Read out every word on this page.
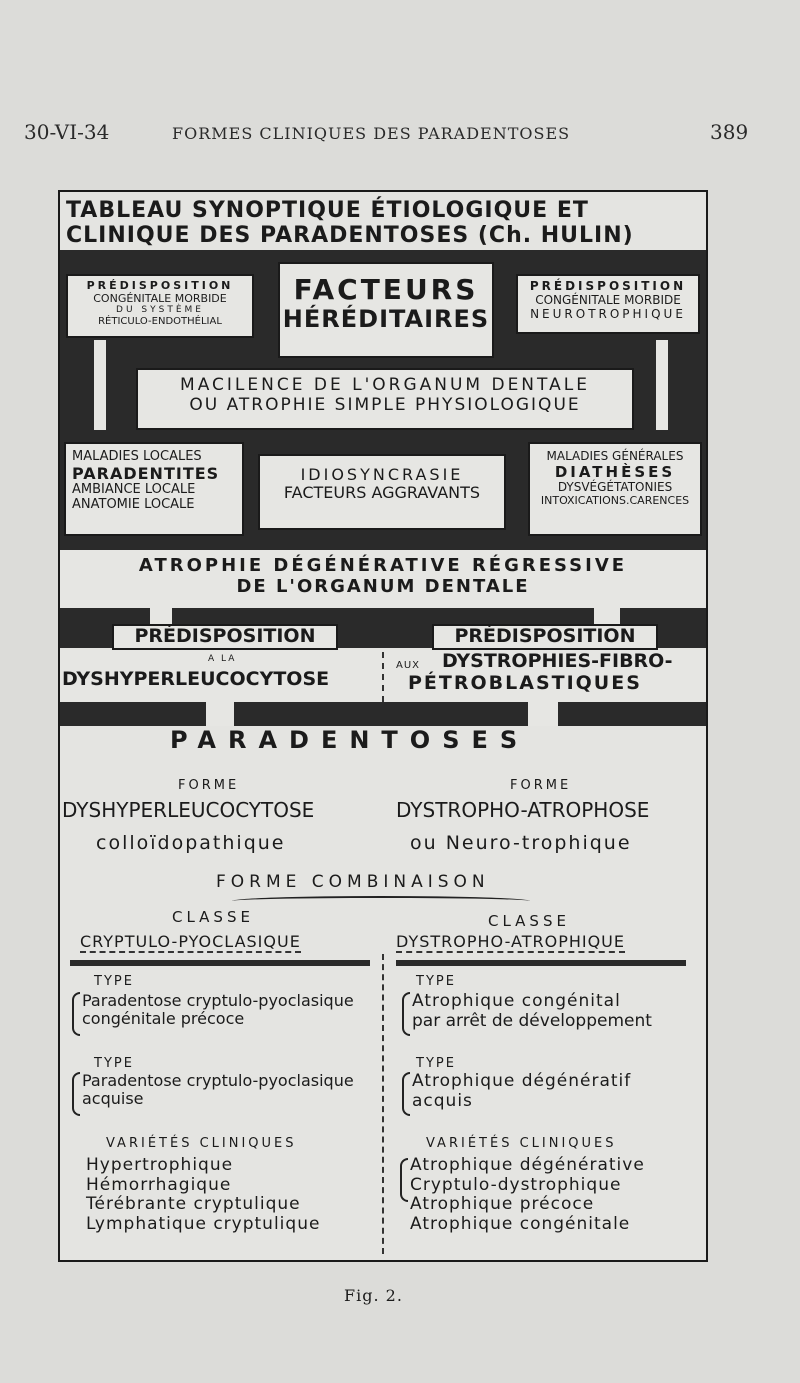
30-VI-34	FORMES CLINIQUES DES PARADENTOSES	389
TABLEAU SYNOPTIQUE ÉTIOLOGIQUE ET
CLINIQUE DES PARADENTOSES (Ch. HULIN)
PRÉDISPOSITION
CONGÉNITALE MORBIDE
DU SYSTÈME
RÉTICULO-ENDOTHÉLIAL
FACTEURS
HÉRÉDITAIRES
PRÉDISPOSITION
CONGÉNITALE MORBIDE
NEUROTROPHIQUE
MACILENCE DE L'ORGANUM DENTALE
OU ATROPHIE SIMPLE PHYSIOLOGIQUE
MALADIES LOCALES
PARADENTITES
AMBIANCE LOCALE
ANATOMIE LOCALE
IDIOSYNCRASIE
FACTEURS AGGRAVANTS
MALADIES GÉNÉRALES
DIATHÈSES
DYSVÉGÉTATONIES
INTOXICATIONS.CARENCES
ATROPHIE DÉGÉNÉRATIVE RÉGRESSIVE
DE L'ORGANUM DENTALE
PRÉDISPOSITION	PRÉDISPOSITION
A LA
DYSHYPERLEUCOCYTOSE
AUX DYSTROPHIES-FIBRO-
PÉTROBLASTIQUES
PARADENTOSES
FORME
DYSHYPERLEUCOCYTOSE
colloïdopathique
FORME
DYSTROPHO-ATROPHOSE
ou Neuro-trophique
FORME COMBINAISON
CLASSE
CRYPTULO-PYOCLASIQUE
CLASSE
DYSTROPHO-ATROPHIQUE
TYPE
Paradentose cryptulo-pyoclasique
congénitale précoce
TYPE
Paradentose cryptulo-pyoclasique
acquise
VARIÉTÉS CLINIQUES
Hypertrophique
Hémorrhagique
Térébrante cryptulique
Lymphatique cryptulique
TYPE
Atrophique congénital
par arrêt de développement
TYPE
Atrophique dégénératif
acquis
VARIÉTÉS CLINIQUES
Atrophique dégénérative
Cryptulo-dystrophique
Atrophique précoce
Atrophique congénitale
Fig. 2.
